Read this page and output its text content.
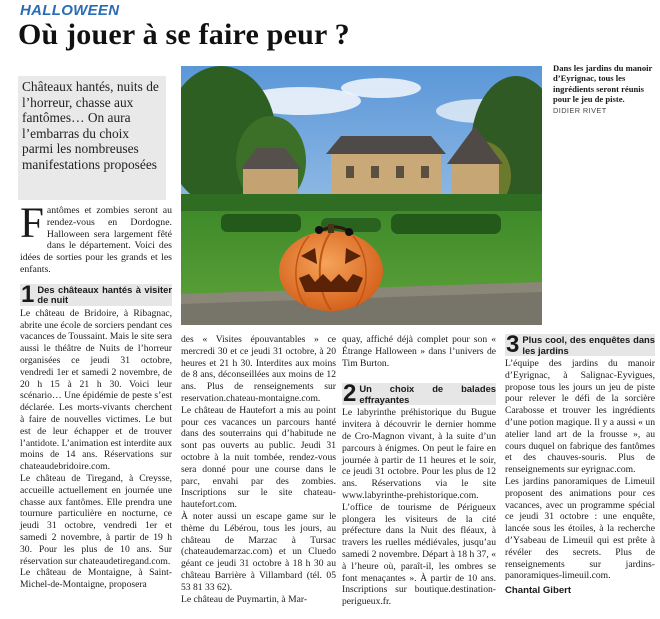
HALLOWEEN
Où jouer à se faire peur ?
Châteaux hantés, nuits de l’horreur, chasse aux fantômes… On aura l’embarras du choix parmi les nombreuses manifestations proposées
Dans les jardins du manoir d’Eyrignac, tous les ingrédients seront réunis pour le jeu de piste.
DIDIER RIVET
F antômes et zombies seront au rendez-vous en Dordogne. Halloween sera largement fêté dans le département. Voici des idées de sorties pour les grands et les enfants.
1 Des châteaux hantés à visiter de nuit

Le château de Bridoire, à Ribagnac, abrite une école de sorciers pendant ces vacances de Toussaint. Mais le site sera aussi le théâtre de Nuits de l’horreur organisées ce jeudi 31 octobre, vendredi 1er et samedi 2 novembre, de 20 h 15 à 21 h 30. Voici leur scénario… Une épidémie de peste s’est déclarée. Les morts-vivants cherchent à faire de nouvelles victimes. Le but est de leur échapper et de trouver l’antidote. L’animation est interdite aux moins de 14 ans. Réservations sur chateaudebridoire.com.

Le château de Tiregand, à Creysse, accueille actuellement en journée une chasse aux fantômes. Elle prendra une tournure particulière en nocturne, ce jeudi 31 octobre, vendredi 1er et samedi 2 novembre, à partir de 19 h 30. Pour les plus de 10 ans. Sur réservation sur chateaudetiregand.com.

Le château de Montaigne, à Saint-Michel-de-Montaigne, proposera

des « Visites épouvantables » ce mercredi 30 et ce jeudi 31 octobre, à 20 heures et 21 h 30. Interdites aux moins de 8 ans, déconseillées aux moins de 12 ans. Plus de renseignements sur reservation.chateau-montaigne.com.

Le château de Hautefort a mis au point pour ces vacances un parcours hanté dans des souterrains qui d’habitude ne sont pas ouverts au public. Jeudi 31 octobre à la nuit tombée, rendez-vous sera donné pour une course dans le parc, envahi par des zombies. Inscriptions sur le site chateau-hautefort.com.

À noter aussi un escape game sur le thème du Lébérou, tous les jours, au château de Marzac à Tursac (chateaudemarzac.com) et un Cluedo géant ce jeudi 31 octobre à 18 h 30 au château Barrière à Villambard (tél. 05 53 81 33 62).

Le château de Puymartin, à Mar-

quay, affiché déjà complet pour son « Étrange Halloween » dans l’univers de Tim Burton.

2 Un choix de balades effrayantes

Le labyrinthe préhistorique du Bugue invitera à découvrir le dernier homme de Cro-Magnon vivant, à la suite d’un parcours à énigmes. On peut le faire en journée à partir de 11 heures et le soir, ce jeudi 31 octobre. Pour les plus de 12 ans. Réservations via le site www.labyrinthe-prehistorique.com.

L’office de tourisme de Périgueux plongera les visiteurs de la cité préfecture dans la Nuit des fléaux, à travers les ruelles médiévales, jusqu’au samedi 2 novembre. Départ à 18 h 37, « à l’heure où, paraît-il, les ombres se font menaçantes ». À partir de 10 ans. Inscriptions sur boutique.destination-perigueux.fr.

3 Plus cool, des enquêtes dans les jardins

L’équipe des jardins du manoir d’Eyrignac, à Salignac-Eyvigues, propose tous les jours un jeu de piste pour relever le défi de la sorcière Carabosse et trouver les ingrédients d’une potion magique. Il y a aussi « un atelier land art de la frousse », au cours duquel on fabrique des fantômes et des chauves-souris. Plus de renseignements sur eyrignac.com.

Les jardins panoramiques de Limeuil proposent des animations pour ces vacances, avec un programme spécial ce jeudi 31 octobre : une enquête, lancée sous les étoiles, à la recherche d’Ysabeau de Limeuil qui est prête à révéler des secrets. Plus de renseignements sur jardins-panoramiques-limeuil.com.

Chantal Gibert
